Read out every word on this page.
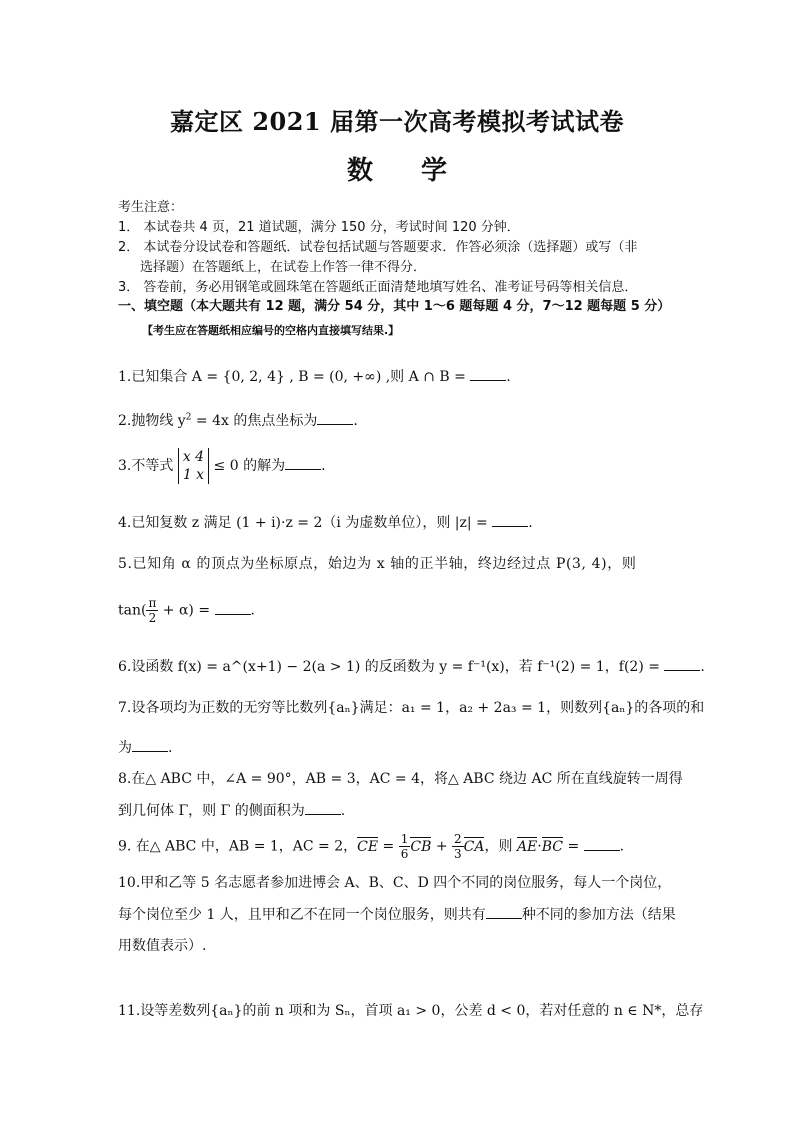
嘉定区 2021 届第一次高考模拟考试试卷
数 学
考生注意：
1． 本试卷共 4 页，21 道试题，满分 150 分，考试时间 120 分钟．
2． 本试卷分设试卷和答题纸．试卷包括试题与答题要求．作答必须涂（选择题）或写（非
选择题）在答题纸上，在试卷上作答一律不得分．
3． 答卷前，务必用钢笔或圆珠笔在答题纸正面清楚地填写姓名、准考证号码等相关信息．
一、填空题（本大题共有 12 题，满分 54 分，其中 1～6 题每题 4 分，7～12 题每题 5 分）
【考生应在答题纸相应编号的空格内直接填写结果.】
1.已知集合 A = {0, 2, 4} , B = (0, +∞) ,则 A ∩ B =	.
2.抛物线 $y^2 = 4x$ 的焦点坐标为	.
3.不等式
x 4
1 x
≤ 0 的解为	.
4.已知复数 z 满足 (1 + i)·z = 2（i 为虚数单位），则 |z| =	.
5.已知角 α 的顶点为坐标原点，始边为 x 轴的正半轴，终边经过点 P(3, 4)，则
$\tan( \frac{\pi}{2} + \alpha)$ =	.
6.设函数 f(x) = a^(x+1) − 2(a > 1) 的反函数为 y = f⁻¹(x)，若 f⁻¹(2) = 1，f(2) =	.
7.设各项均为正数的无穷等比数列{aₙ}满足：a₁ = 1，a₂ + 2a₃ = 1，则数列{aₙ}的各项的和
为	.
8.在△ ABC 中，∠A = 90°，AB = 3，AC = 4，将△ ABC 绕边 AC 所在直线旋转一周得
到几何体 Γ，则 Γ 的侧面积为	.
9. 在△ ABC 中，AB = 1，AC = 2，CE = $\frac{1}{6}$ CB + $\frac{2}{3}$ CA，则 AE·BC =	.
10.甲和乙等 5 名志愿者参加进博会 A、B、C、D 四个不同的岗位服务，每人一个岗位，
每个岗位至少 1 人，且甲和乙不在同一个岗位服务，则共有	种不同的参加方法（结果
用数值表示）.
11.设等差数列{aₙ}的前 n 项和为 Sₙ，首项 a₁ > 0，公差 d < 0，若对任意的 n ∈ N*，总存
